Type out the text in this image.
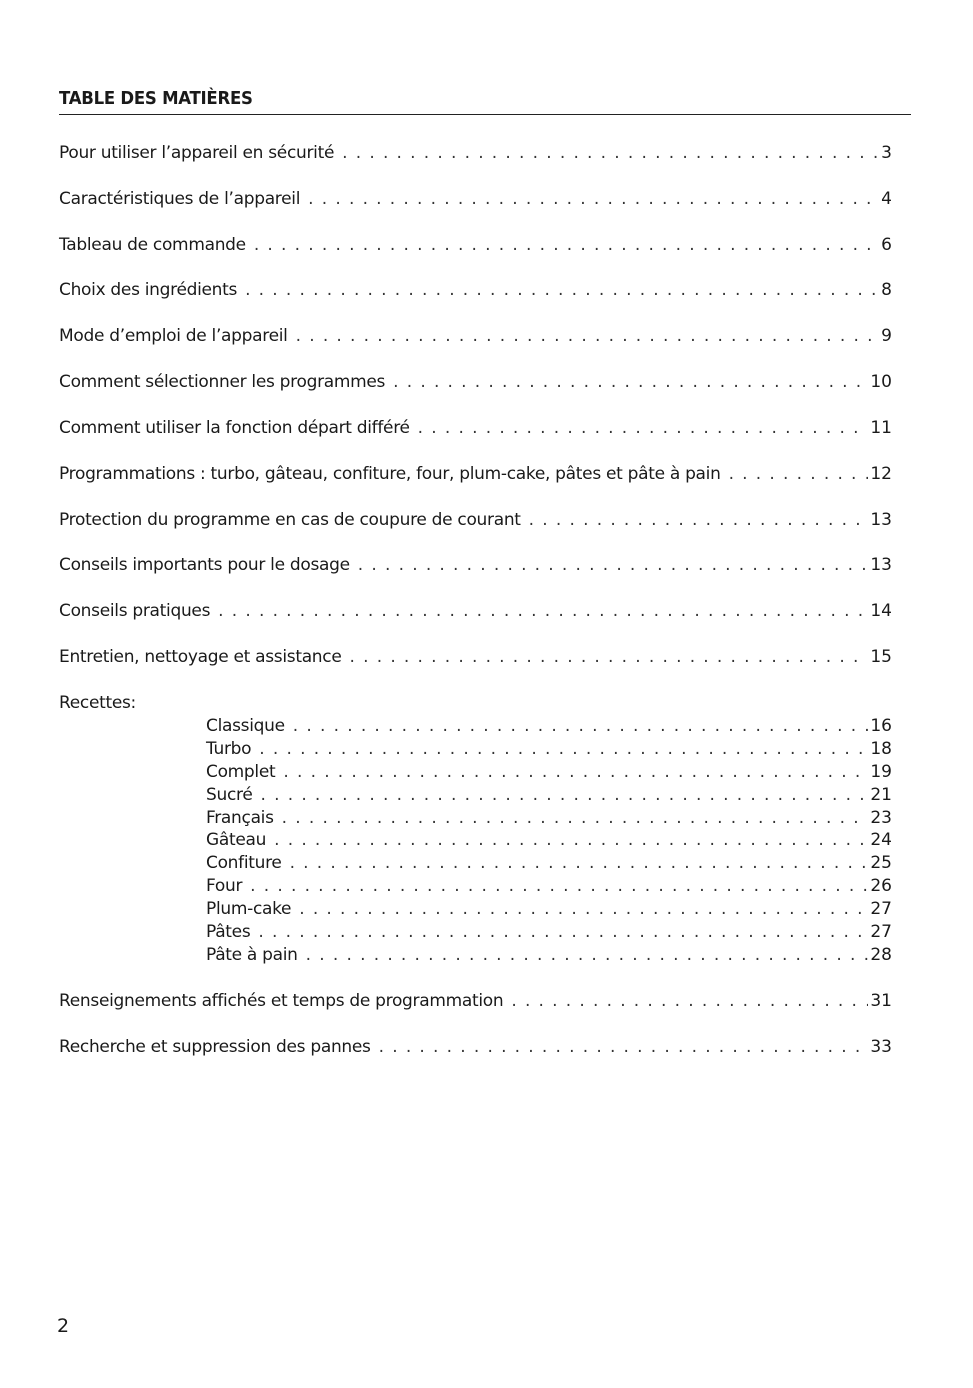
TABLE DES MATIÈRES
Pour utiliser l’appareil en sécurité . . .	3
Caractéristiques de l’appareil . . .	4
Tableau de commande . . .	6
Choix des ingrédients . . .	8
Mode d’emploi de l’appareil . . .	9
Comment sélectionner les programmes . . .	10
Comment utiliser la fonction départ différé . . .	11
Programmations : turbo, gâteau, confiture, four, plum-cake, pâtes et pâte à pain . . .	12
Protection du programme en cas de coupure de courant . . .	13
Conseils importants pour le dosage . . .	13
Conseils pratiques . . .	14
Entretien, nettoyage et assistance . . .	15
Recettes:
Classique . . .	16
Turbo . . .	18
Complet . . .	19
Sucré . . .	21
Français . . .	23
Gâteau . . .	24
Confiture . . .	25
Four . . .	26
Plum-cake . . .	27
Pâtes . . .	27
Pâte à pain . . .	28
Renseignements affichés et temps de programmation . . .	31
Recherche et suppression des pannes . . .	33
2
